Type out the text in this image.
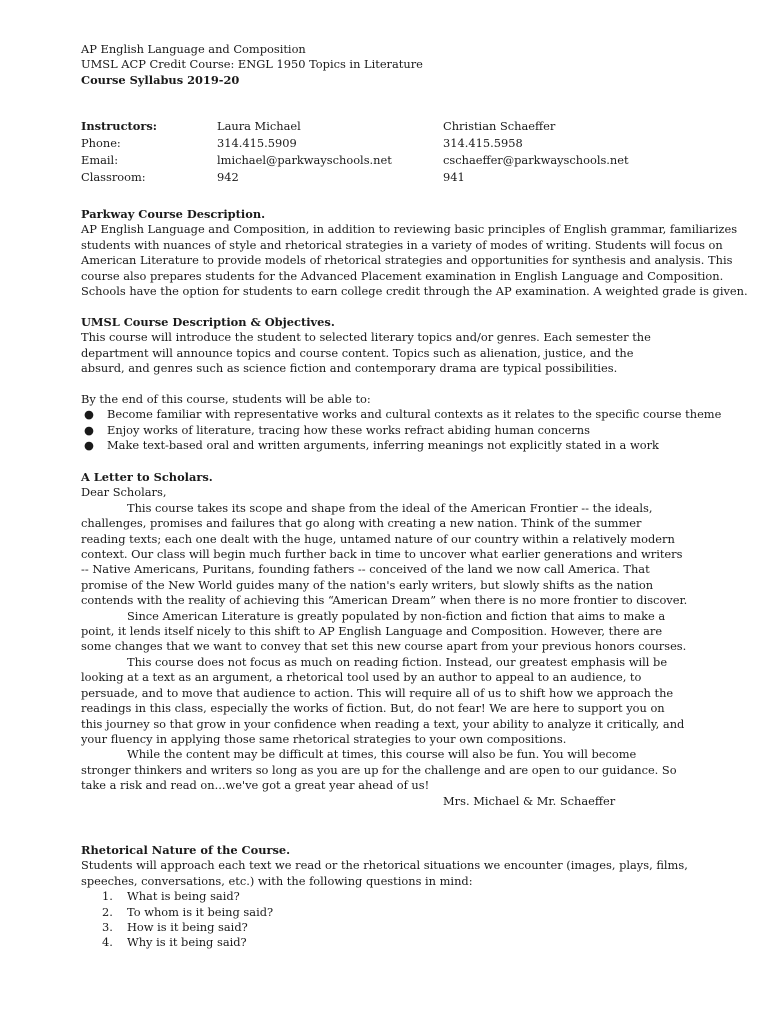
AP English Language and Composition

UMSL ACP Credit Course: ENGL 1950 Topics in Literature

Course Syllabus 2019-20

Instructors:
Phone:
Email:
Classroom:
Laura Michael
314.415.5909
lmichael@parkwayschools.net
942
Christian Schaeffer
314.415.5958
cschaeffer@parkwayschools.net
941

Parkway Course Description.

AP English Language and Composition, in addition to reviewing basic principles of English grammar, familiarizes

students with nuances of style and rhetorical strategies in a variety of modes of writing. Students will focus on

American Literature to provide models of rhetorical strategies and opportunities for synthesis and analysis. This

course also prepares students for the Advanced Placement examination in English Language and Composition.

Schools have the option for students to earn college credit through the AP examination. A weighted grade is given.

UMSL Course Description & Objectives.

This course will introduce the student to selected literary topics and/or genres. Each semester the

department will announce topics and course content. Topics such as alienation, justice, and the

absurd, and genres such as science fiction and contemporary drama are typical possibilities.

By the end of this course, students will be able to:

● Become familiar with representative works and cultural contexts as it relates to the specific course theme
● Enjoy works of literature, tracing how these works refract abiding human concerns
● Make text-based oral and written arguments, inferring meanings not explicitly stated in a work

A Letter to Scholars.

Dear Scholars,

This course takes its scope and shape from the ideal of the American Frontier -- the ideals, challenges, promises and failures that go along with creating a new nation. Think of the summer reading texts; each one dealt with the huge, untamed nature of our country within a relatively modern context. Our class will begin much further back in time to uncover what earlier generations and writers -- Native Americans, Puritans, founding fathers -- conceived of the land we now call America. That promise of the New World guides many of the nation's early writers, but slowly shifts as the nation contends with the reality of achieving this “American Dream” when there is no more frontier to discover.

Since American Literature is greatly populated by non-fiction and fiction that aims to make a point, it lends itself nicely to this shift to AP English Language and Composition. However, there are some changes that we want to convey that set this new course apart from your previous honors courses.

This course does not focus as much on reading fiction. Instead, our greatest emphasis will be looking at a text as an argument, a rhetorical tool used by an author to appeal to an audience, to persuade, and to move that audience to action. This will require all of us to shift how we approach the readings in this class, especially the works of fiction. But, do not fear! We are here to support you on this journey so that grow in your confidence when reading a text, your ability to analyze it critically, and your fluency in applying those same rhetorical strategies to your own compositions.

While the content may be difficult at times, this course will also be fun. You will become stronger thinkers and writers so long as you are up for the challenge and are open to our guidance. So take a risk and read on...we've got a great year ahead of us!

Mrs. Michael & Mr. Schaeffer

Rhetorical Nature of the Course.

Students will approach each text we read or the rhetorical situations we encounter (images, plays, films, speeches, conversations, etc.) with the following questions in mind:

1. What is being said?
2. To whom is it being said?
3. How is it being said?
4. Why is it being said?
